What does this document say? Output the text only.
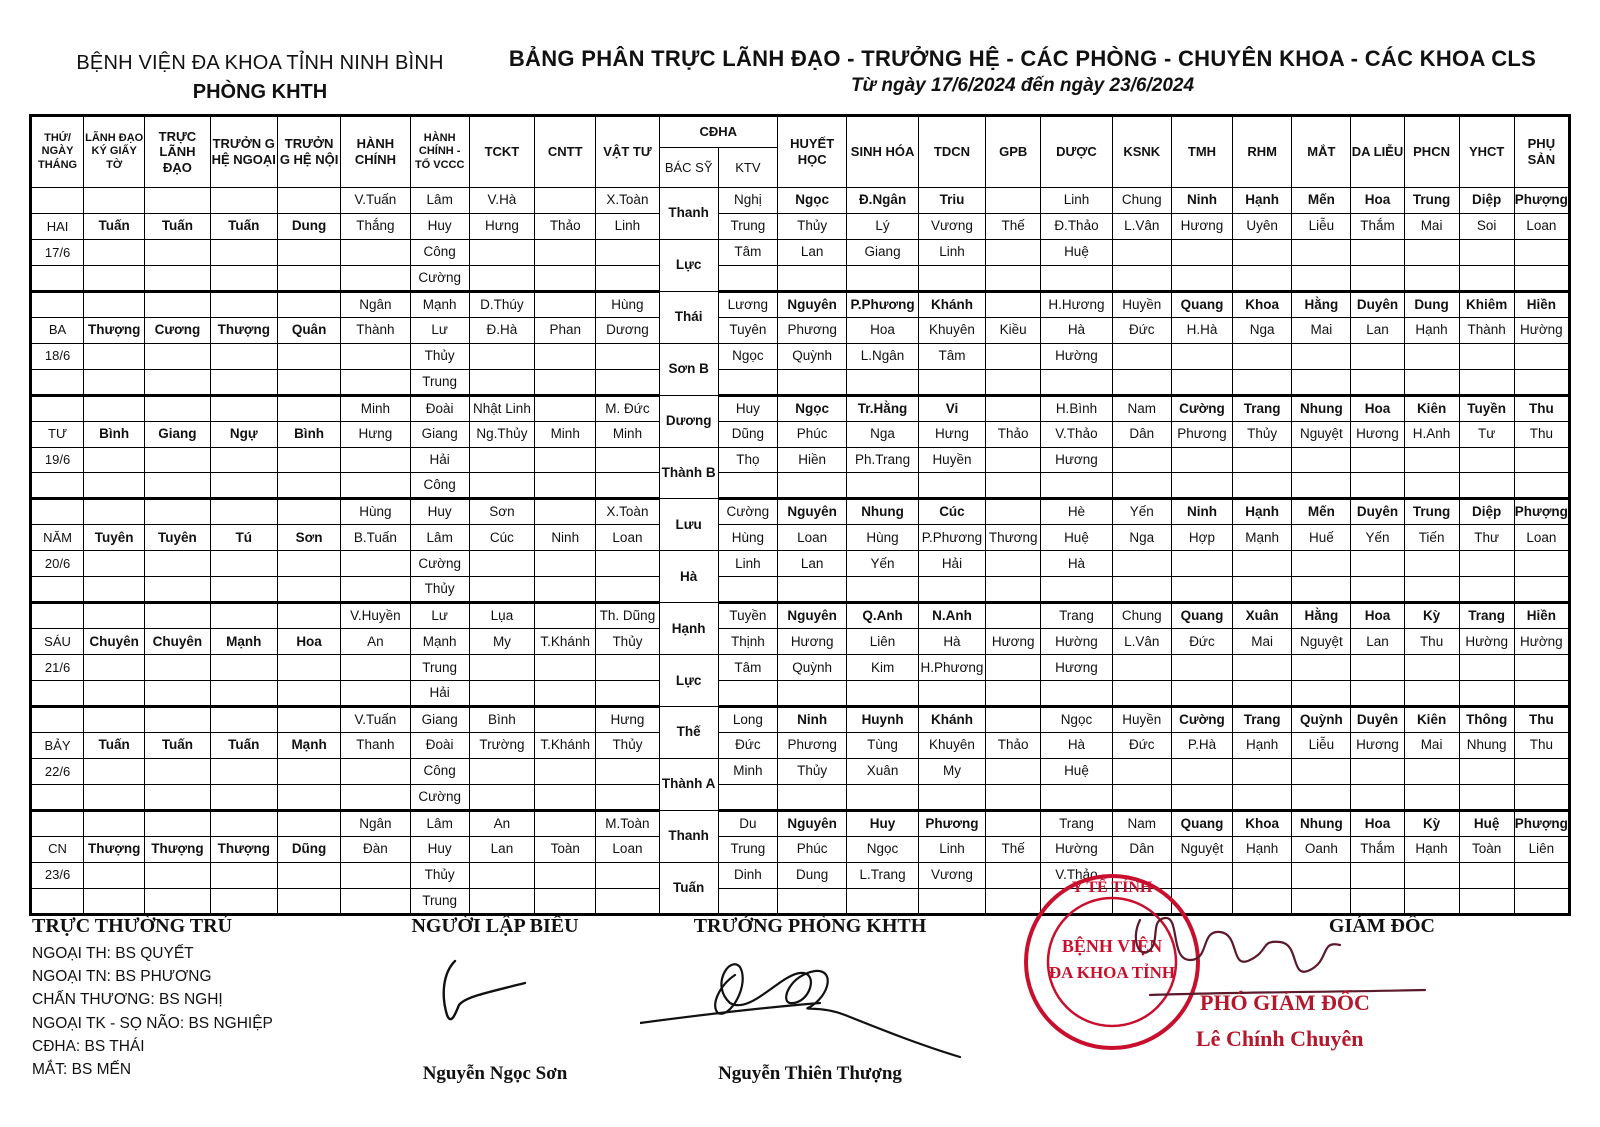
BỆNH VIỆN ĐA KHOA TỈNH NINH BÌNH
PHÒNG KHTH
BẢNG PHÂN TRỰC LÃNH ĐẠO - TRƯỞNG HỆ - CÁC PHÒNG - CHUYÊN KHOA - CÁC KHOA CLS
Từ ngày 17/6/2024 đến ngày 23/6/2024
THỨ/ NGÀY THÁNG	LÃNH ĐẠO KÝ GIẤY TỜ	TRỰC LÃNH ĐẠO	TRƯỞN G HỆ NGOẠI	TRƯỞN G HỆ NỘI	HÀNH CHÍNH	HÀNH CHÍNH - TỔ VCCC	TCKT	CNTT	VẬT TƯ	CĐHA		HUYẾT HỌC	SINH HÓA	TDCN	GPB	DƯỢC	KSNK	TMH	RHM	MẮT	DA LIỄU	PHCN	YHCT	PHỤ SẢN
										BÁC SỸ	KTV													
					V.Tuấn	Lâm	V.Hà		X.Toàn	Thanh	Nghị	Ngọc	Đ.Ngân	Triu		Linh	Chung	Ninh	Hạnh	Mến	Hoa	Trung	Diệp	Phượng
HAI	Tuấn	Tuấn	Tuấn	Dung	Thắng	Huy	Hưng	Thảo	Linh		Trung	Thủy	Lý	Vương	Thế	Đ.Thảo	L.Vân	Hương	Uyên	Liễu	Thắm	Mai	Soi	Loan
17/6						Công				Lực	Tâm	Lan	Giang	Linh		Huệ								
						Cường																		
					Ngân	Mạnh	D.Thúy		Hùng	Thái	Lương	Nguyên	P.Phương	Khánh		H.Hương	Huyền	Quang	Khoa	Hằng	Duyên	Dung	Khiêm	Hiền
BA	Thượng	Cương	Thượng	Quân	Thành	Lư	Đ.Hà	Phan	Dương		Tuyên	Phương	Hoa	Khuyên	Kiều	Hà	Đức	H.Hà	Nga	Mai	Lan	Hạnh	Thành	Hường
18/6						Thủy				Sơn B	Ngọc	Quỳnh	L.Ngân	Tâm		Hường								
						Trung																		
					Minh	Đoài	Nhật Linh		M. Đức	Dương	Huy	Ngọc	Tr.Hằng	Vi		H.Bình	Nam	Cường	Trang	Nhung	Hoa	Kiên	Tuyền	Thu
TƯ	Bình	Giang	Ngự	Bình	Hưng	Giang	Ng.Thủy	Minh	Minh		Dũng	Phúc	Nga	Hưng	Thảo	V.Thảo	Dân	Phương	Thủy	Nguyệt	Hương	H.Anh	Tư	Thu
19/6						Hải				Thành B	Thọ	Hiền	Ph.Trang	Huyền		Hương								
						Công																		
					Hùng	Huy	Sơn		X.Toàn	Lưu	Cường	Nguyên	Nhung	Cúc		Hè	Yến	Ninh	Hạnh	Mến	Duyên	Trung	Diệp	Phượng
NĂM	Tuyên	Tuyên	Tú	Sơn	B.Tuấn	Lâm	Cúc	Ninh	Loan		Hùng	Loan	Hùng	P.Phương	Thương	Huệ	Nga	Hợp	Mạnh	Huế	Yến	Tiến	Thư	Loan
20/6						Cường				Hà	Linh	Lan	Yến	Hải		Hà								
						Thủy																		
					V.Huyền	Lư	Lụa		Th. Dũng	Hạnh	Tuyền	Nguyên	Q.Anh	N.Anh		Trang	Chung	Quang	Xuân	Hằng	Hoa	Kỳ	Trang	Hiền
SÁU	Chuyên	Chuyên	Mạnh	Hoa	An	Mạnh	My	T.Khánh	Thủy		Thịnh	Hương	Liên	Hà	Hương	Hường	L.Vân	Đức	Mai	Nguyệt	Lan	Thu	Hường	Hường
21/6						Trung				Lực	Tâm	Quỳnh	Kim	H.Phương		Hương								
						Hải																		
					V.Tuấn	Giang	Bình		Hưng	Thế	Long	Ninh	Huynh	Khánh		Ngọc	Huyền	Cường	Trang	Quỳnh	Duyên	Kiên	Thông	Thu
BẢY	Tuấn	Tuấn	Tuấn	Mạnh	Thanh	Đoài	Trường	T.Khánh	Thủy		Đức	Phương	Tùng	Khuyên	Thảo	Hà	Đức	P.Hà	Hạnh	Liễu	Hương	Mai	Nhung	Thu
22/6						Công				Thành A	Minh	Thủy	Xuân	My		Huệ								
						Cường																		
					Ngân	Lâm	An		M.Toàn	Thanh	Du	Nguyên	Huy	Phương		Trang	Nam	Quang	Khoa	Nhung	Hoa	Kỳ	Huệ	Phượng
CN	Thượng	Thượng	Thượng	Dũng	Đàn	Huy	Lan	Toàn	Loan		Trung	Phúc	Ngọc	Linh	Thế	Hường	Dân	Nguyệt	Hạnh	Oanh	Thắm	Hạnh	Toàn	Liên
23/6						Thủy				Tuấn	Dinh	Dung	L.Trang	Vương		V.Thảo								
						Trung																		
TRỰC THƯỜNG TRÚ
NGOẠI TH: BS QUYẾT
NGOẠI TN: BS PHƯƠNG
CHẤN THƯƠNG: BS NGHỊ
NGOẠI TK - SỌ NÃO: BS NGHIỆP
CĐHA: BS THÁI
MẮT: BS MẾN
NGƯỜI LẬP BIỂU
Nguyễn Ngọc Sơn
TRƯỞNG PHÒNG KHTH
Nguyễn Thiên Thượng
GIÁM ĐỐC
BỆNH VIỆN
ĐA KHOA TỈNH
Y TẾ TỈNH
PHÓ GIÁM ĐỐC
Lê Chính Chuyên
